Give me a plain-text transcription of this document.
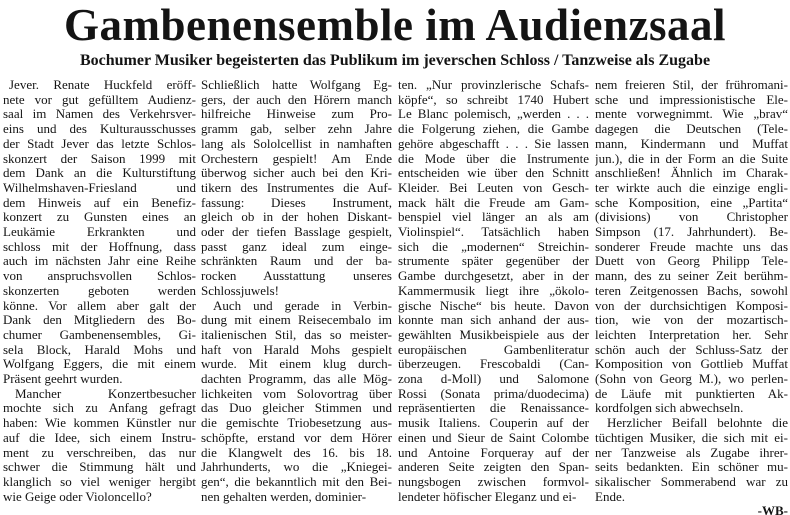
Gambenensemble im Audienzsaal
Bochumer Musiker begeisterten das Publikum im jeverschen Schloss / Tanzweise als Zugabe

Jever. Renate Huckfeld eröff-

nete vor gut gefülltem Audienz-

saal im Namen des Verkehrsver-

eins und des Kulturausschusses

der Stadt Jever das letzte Schlos-

skonzert der Saison 1999 mit

dem Dank an die Kulturstiftung

Wilhelmshaven-Friesland und

dem Hinweis auf ein Benefiz-

konzert zu Gunsten eines an

Leukämie Erkrankten und

schloss mit der Hoffnung, dass

auch im nächsten Jahr eine Reihe

von anspruchsvollen Schlos-

skonzerten geboten werden

könne. Vor allem aber galt der

Dank den Mitgliedern des Bo-

chumer Gambenensembles, Gi-

sela Block, Harald Mohs und

Wolfgang Eggers, die mit einem

Präsent geehrt wurden.

Mancher Konzertbesucher

mochte sich zu Anfang gefragt

haben: Wie kommen Künstler nur

auf die Idee, sich einem Instru-

ment zu verschreiben, das nur

schwer die Stimmung hält und

klanglich so viel weniger hergibt

wie Geige oder Violoncello?

Schließlich hatte Wolfgang Eg-

gers, der auch den Hörern manch

hilfreiche Hinweise zum Pro-

gramm gab, selber zehn Jahre

lang als Sololcellist in namhaften

Orchestern gespielt! Am Ende

überwog sicher auch bei den Kri-

tikern des Instrumentes die Auf-

fassung: Dieses Instrument,

gleich ob in der hohen Diskant-

oder der tiefen Basslage gespielt,

passt ganz ideal zum einge-

schränkten Raum und der ba-

rocken Ausstattung unseres

Schlossjuwels!

Auch und gerade in Verbin-

dung mit einem Reisecembalo im

italienischen Stil, das so meister-

haft von Harald Mohs gespielt

wurde. Mit einem klug durch-

dachten Programm, das alle Mög-

lichkeiten vom Solovortrag über

das Duo gleicher Stimmen und

die gemischte Triobesetzung aus-

schöpfte, erstand vor dem Hörer

die Klangwelt des 16. bis 18.

Jahrhunderts, wo die „Kniegei-

gen“, die bekanntlich mit den Bei-

nen gehalten werden, dominier-

ten. „Nur provinzlerische Schafs-

köpfe“, so schreibt 1740 Hubert

Le Blanc polemisch, „werden . . .

die Folgerung ziehen, die Gambe

gehöre abgeschafft . . . Sie lassen

die Mode über die Instrumente

entscheiden wie über den Schnitt

Kleider. Bei Leuten von Gesch-

mack hält die Freude am Gam-

benspiel viel länger an als am

Violinspiel“. Tatsächlich haben

sich die „modernen“ Streichin-

strumente später gegenüber der

Gambe durchgesetzt, aber in der

Kammermusik liegt ihre „ökolo-

gische Nische“ bis heute. Davon

konnte man sich anhand der aus-

gewählten Musikbeispiele aus der

europäischen Gambenliteratur

überzeugen. Frescobaldi (Can-

zona d-Moll) und Salomone

Rossi (Sonata prima/duodecima)

repräsentierten die Renaissance-

musik Italiens. Couperin auf der

einen und Sieur de Saint Colombe

und Antoine Forqueray auf der

anderen Seite zeigten den Span-

nungsbogen zwischen formvol-

lendeter höfischer Eleganz und ei-

nem freieren Stil, der frühromani-

sche und impressionistische Ele-

mente vorwegnimmt. Wie „brav“

dagegen die Deutschen (Tele-

mann, Kindermann und Muffat

jun.), die in der Form an die Suite

anschließen! Ähnlich im Charak-

ter wirkte auch die einzige engli-

sche Komposition, eine „Partita“

(divisions) von Christopher

Simpson (17. Jahrhundert). Be-

sonderer Freude machte uns das

Duett von Georg Philipp Tele-

mann, des zu seiner Zeit berühm-

teren Zeitgenossen Bachs, sowohl

von der durchsichtigen Komposi-

tion, wie von der mozartisch-

leichten Interpretation her. Sehr

schön auch der Schluss-Satz der

Komposition von Gottlieb Muffat

(Sohn von Georg M.), wo perlen-

de Läufe mit punktierten Ak-

kordfolgen sich abwechseln.

Herzlicher Beifall belohnte die

tüchtigen Musiker, die sich mit ei-

ner Tanzweise als Zugabe ihrer-

seits bedankten. Ein schöner mu-

sikalischer Sommerabend war zu

Ende.

-WB-
